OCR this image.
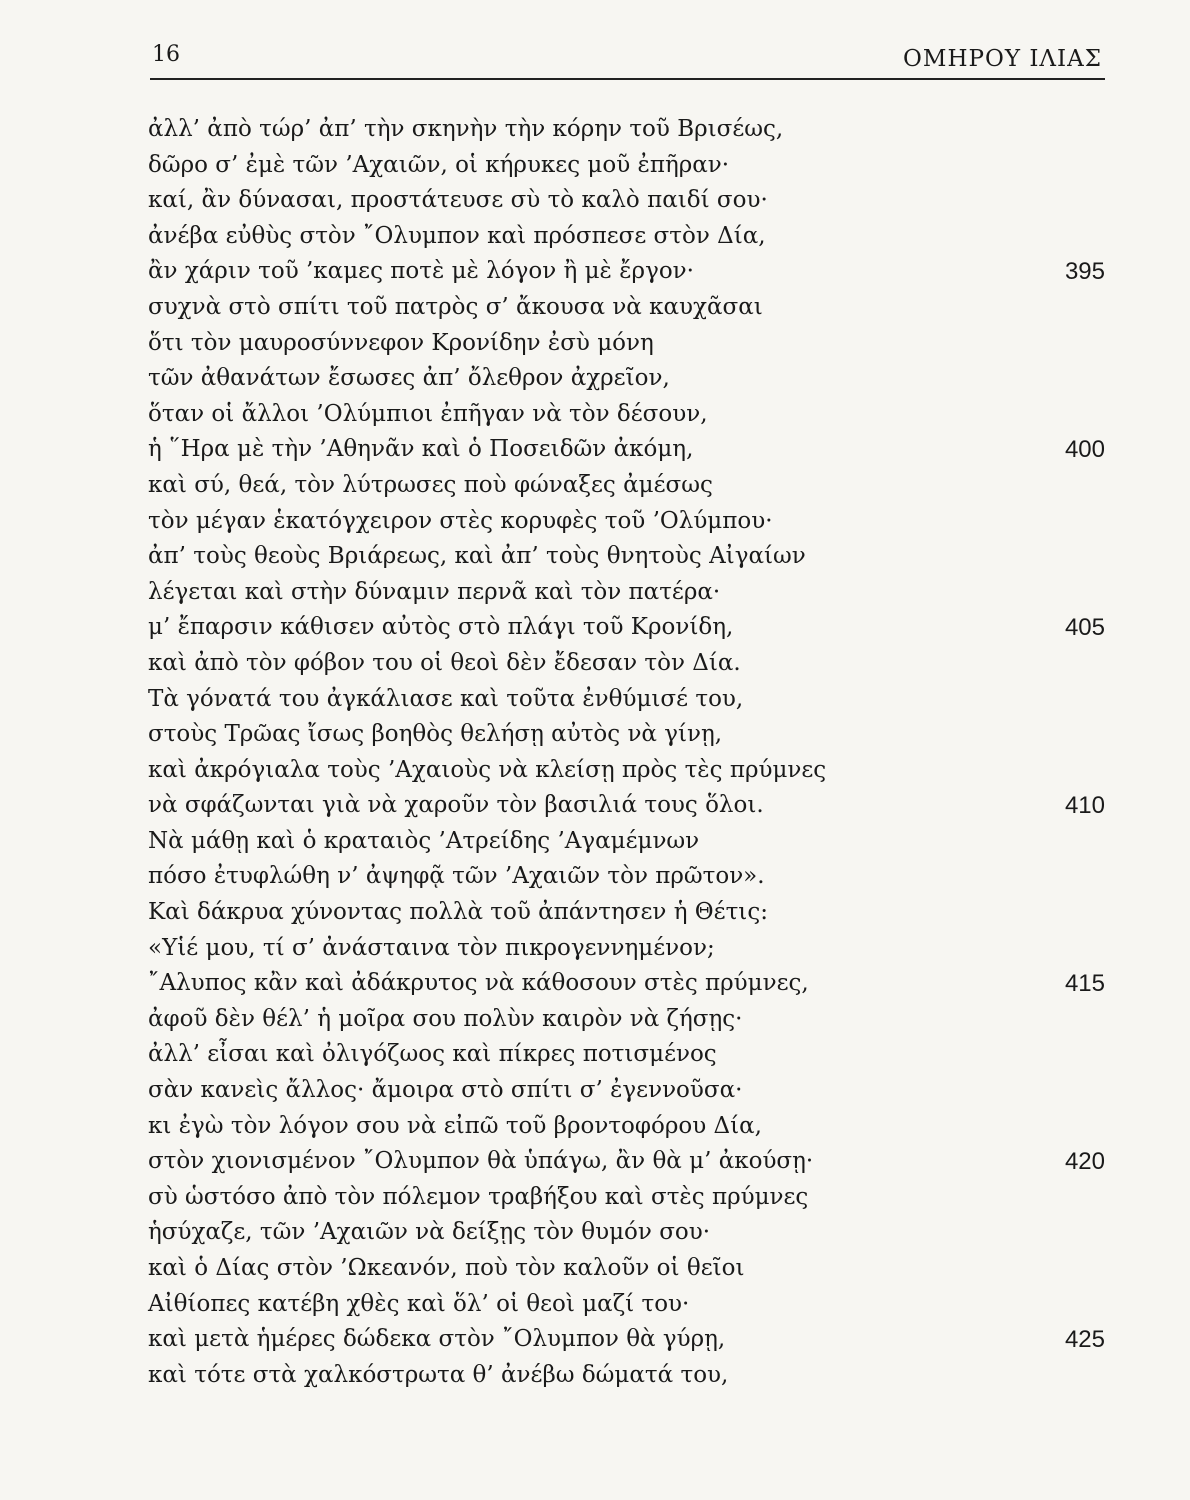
16	ΟΜΗΡΟΥ ΙΛΙΑΣ
ἀλλ’ ἀπὸ τώρ’ ἀπ’ τὴν σκηνὴν τὴν κόρην τοῦ Βρισέως,
δῶρο σ’ ἐμὲ τῶν ’Αχαιῶν, οἱ κήρυκες μοῦ ἐπῆραν·
καί, ἂν δύνασαι, προστάτευσε σὺ τὸ καλὸ παιδί σου·
ἀνέβα εὐθὺς στὸν ῎Ολυμπον καὶ πρόσπεσε στὸν Δία,
ἂν χάριν τοῦ ’καμες ποτὲ μὲ λόγον ἢ μὲ ἔργον·	395
συχνὰ στὸ σπίτι τοῦ πατρὸς σ’ ἄκουσα νὰ καυχᾶσαι
ὅτι τὸν μαυροσύννεφον Κρονίδην ἐσὺ μόνη
τῶν ἀθανάτων ἔσωσες ἀπ’ ὄλεθρον ἀχρεῖον,
ὅταν οἱ ἄλλοι ’Ολύμπιοι ἐπῆγαν νὰ τὸν δέσουν,
ἡ ῞Ηρα μὲ τὴν ’Αθηνᾶν καὶ ὁ Ποσειδῶν ἀκόμη,	400
καὶ σύ, θεά, τὸν λύτρωσες ποὺ φώναξες ἀμέσως
τὸν μέγαν ἑκατόγχειρον στὲς κορυφὲς τοῦ ’Ολύμπου·
ἀπ’ τοὺς θεοὺς Βριάρεως, καὶ ἀπ’ τοὺς θνητοὺς Αἰγαίων
λέγεται καὶ στὴν δύναμιν περνᾶ καὶ τὸν πατέρα·
μ’ ἔπαρσιν κάθισεν αὐτὸς στὸ πλάγι τοῦ Κρονίδη,	405
καὶ ἀπὸ τὸν φόβον του οἱ θεοὶ δὲν ἔδεσαν τὸν Δία.
Τὰ γόνατά του ἀγκάλιασε καὶ τοῦτα ἐνθύμισέ του,
στοὺς Τρῶας ἴσως βοηθὸς θελήσῃ αὐτὸς νὰ γίνῃ,
καὶ ἀκρόγιαλα τοὺς ’Αχαιοὺς νὰ κλείσῃ πρὸς τὲς πρύμνες
νὰ σφάζωνται γιὰ νὰ χαροῦν τὸν βασιλιά τους ὅλοι.	410
Νὰ μάθῃ καὶ ὁ κραταιὸς ’Ατρείδης ’Αγαμέμνων
πόσο ἐτυφλώθη ν’ ἀψηφᾷ τῶν ’Αχαιῶν τὸν πρῶτον».
Καὶ δάκρυα χύνοντας πολλὰ τοῦ ἀπάντησεν ἡ Θέτις:
«Υἱέ μου, τί σ’ ἀνάσταινα τὸν πικρογεννημένον;
῎Αλυπος κἂν καὶ ἀδάκρυτος νὰ κάθοσουν στὲς πρύμνες,	415
ἀφοῦ δὲν θέλ’ ἡ μοῖρα σου πολὺν καιρὸν νὰ ζήσῃς·
ἀλλ’ εἶσαι καὶ ὀλιγόζωος καὶ πίκρες ποτισμένος
σὰν κανεὶς ἄλλος· ἄμοιρα στὸ σπίτι σ’ ἐγεννοῦσα·
κι ἐγὼ τὸν λόγον σου νὰ εἰπῶ τοῦ βροντοφόρου Δία,
στὸν χιονισμένον ῎Ολυμπον θὰ ὑπάγω, ἂν θὰ μ’ ἀκούσῃ·	420
σὺ ὡστόσο ἀπὸ τὸν πόλεμον τραβήξου καὶ στὲς πρύμνες
ἡσύχαζε, τῶν ’Αχαιῶν νὰ δείξῃς τὸν θυμόν σου·
καὶ ὁ Δίας στὸν ’Ωκεανόν, ποὺ τὸν καλοῦν οἱ θεῖοι
Αἰθίοπες κατέβη χθὲς καὶ ὅλ’ οἱ θεοὶ μαζί του·
καὶ μετὰ ἡμέρες δώδεκα στὸν ῎Ολυμπον θὰ γύρῃ,	425
καὶ τότε στὰ χαλκόστρωτα θ’ ἀνέβω δώματά του,
